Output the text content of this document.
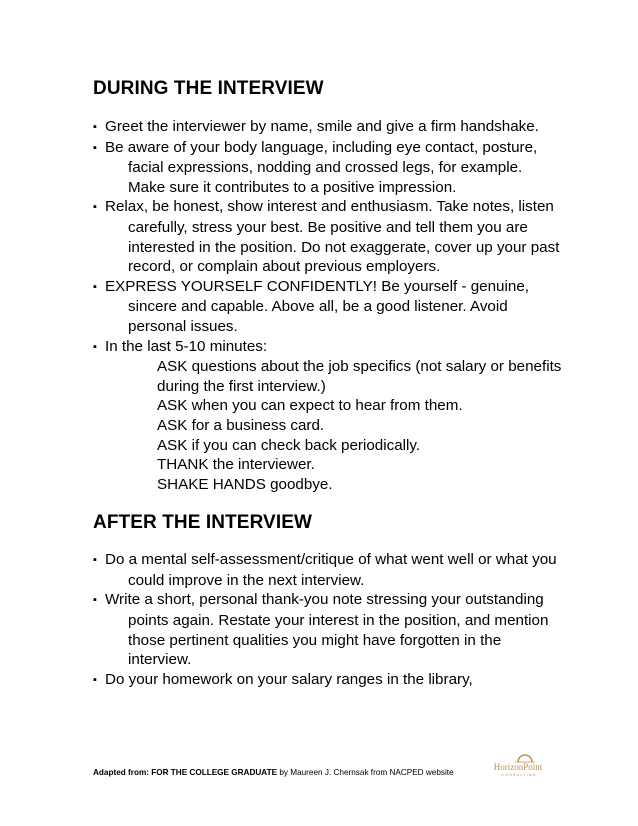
DURING THE INTERVIEW

▪ Greet the interviewer by name, smile and give a firm handshake.

▪ Be aware of your body language, including eye contact, posture, facial expressions, nodding and crossed legs, for example. Make sure it contributes to a positive impression.

▪ Relax, be honest, show interest and enthusiasm. Take notes, listen carefully, stress your best. Be positive and tell them you are interested in the position. Do not exaggerate, cover up your past record, or complain about previous employers.

▪ EXPRESS YOURSELF CONFIDENTLY! Be yourself - genuine, sincere and capable. Above all, be a good listener. Avoid personal issues.

▪ In the last 5-10 minutes:

ASK questions about the job specifics (not salary or benefits during the first interview.)

ASK when you can expect to hear from them.

ASK for a business card.

ASK if you can check back periodically.

THANK the interviewer.

SHAKE HANDS goodbye.

AFTER THE INTERVIEW

▪ Do a mental self-assessment/critique of what went well or what you could improve in the next interview.

▪ Write a short, personal thank-you note stressing your outstanding points again. Restate your interest in the position, and mention those pertinent qualities you might have forgotten in the interview.

▪ Do your homework on your salary ranges in the library,

Adapted from: FOR THE COLLEGE GRADUATE by Maureen J. Chernsak from NACPED website
HorizonPoint
CONSULTING
